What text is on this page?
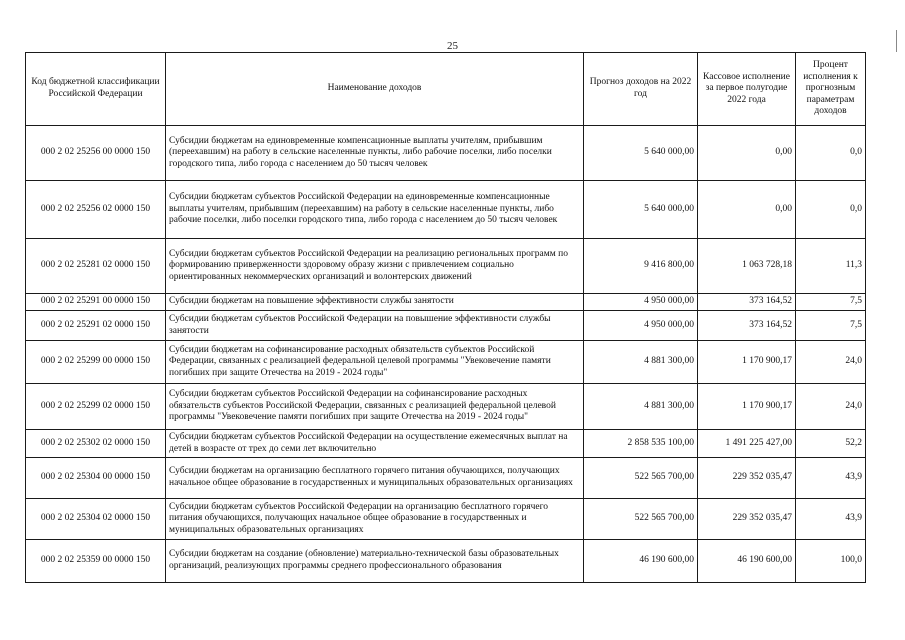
25
Код бюджетной классификации Российской Федерации	Наименование доходов	Прогноз доходов на 2022 год	Кассовое исполнение за первое полугодие 2022 года	Процент исполнения к прогнозным параметрам доходов
000 2 02 25256 00 0000 150	Субсидии бюджетам на единовременные компенсационные выплаты учителям, прибывшим (переехавшим) на работу в сельские населенные пункты, либо рабочие поселки, либо поселки городского типа, либо города с населением до 50 тысяч человек	5 640 000,00	0,00	0,0
000 2 02 25256 02 0000 150	Субсидии бюджетам субъектов Российской Федерации на единовременные компенсационные выплаты учителям, прибывшим (переехавшим) на работу в сельские населенные пункты, либо рабочие поселки, либо поселки городского типа, либо города с населением до 50 тысяч человек	5 640 000,00	0,00	0,0
000 2 02 25281 02 0000 150	Субсидии бюджетам субъектов Российской Федерации на реализацию региональных программ по формированию приверженности здоровому образу жизни с привлечением социально ориентированных некоммерческих организаций и волонтерских движений	9 416 800,00	1 063 728,18	11,3
000 2 02 25291 00 0000 150	Субсидии бюджетам на повышение эффективности службы занятости	4 950 000,00	373 164,52	7,5
000 2 02 25291 02 0000 150	Субсидии бюджетам субъектов Российской Федерации на повышение эффективности службы занятости	4 950 000,00	373 164,52	7,5
000 2 02 25299 00 0000 150	Субсидии бюджетам на софинансирование расходных обязательств субъектов Российской Федерации, связанных с реализацией федеральной целевой программы "Увековечение памяти погибших при защите Отечества на 2019 - 2024 годы"	4 881 300,00	1 170 900,17	24,0
000 2 02 25299 02 0000 150	Субсидии бюджетам субъектов Российской Федерации на софинансирование расходных обязательств субъектов Российской Федерации, связанных с реализацией федеральной целевой программы "Увековечение памяти погибших при защите Отечества на 2019 - 2024 годы"	4 881 300,00	1 170 900,17	24,0
000 2 02 25302 02 0000 150	Субсидии бюджетам субъектов Российской Федерации на осуществление ежемесячных выплат на детей в возрасте от трех до семи лет включительно	2 858 535 100,00	1 491 225 427,00	52,2
000 2 02 25304 00 0000 150	Субсидии бюджетам на организацию бесплатного горячего питания обучающихся, получающих начальное общее образование в государственных и муниципальных образовательных организациях	522 565 700,00	229 352 035,47	43,9
000 2 02 25304 02 0000 150	Субсидии бюджетам субъектов Российской Федерации на организацию бесплатного горячего питания обучающихся, получающих начальное общее образование в государственных и муниципальных образовательных организациях	522 565 700,00	229 352 035,47	43,9
000 2 02 25359 00 0000 150	Субсидии бюджетам на создание (обновление) материально-технической базы образовательных организаций, реализующих программы среднего профессионального образования	46 190 600,00	46 190 600,00	100,0
